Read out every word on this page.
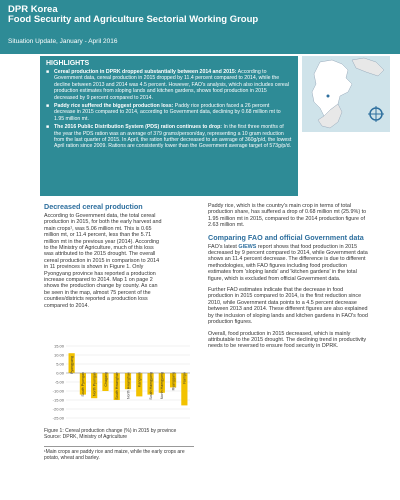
DPR Korea
Food Security and Agriculture Sectorial Working Group
Situation Update, January - April 2016
HIGHLIGHTS
■ Cereal production in DPRK dropped substantially between 2014 and 2015: According to Government data, cereal production in 2015 dropped by 11.4 percent compared to 2014, while the decline between 2013 and 2014 was 4.5 percent. However, FAO's analysis, which also includes cereal production estimates from sloping lands and kitchen gardens, shows food production in 2015 decreased by 9 percent compared to 2014.
■ Paddy rice suffered the biggest production loss: Paddy rice production faced a 26 percent decrease in 2015 compared to 2014, according to Government data, declining by 0.68 million mt to 1.95 million mt.
■ The 2016 Public Distribution System (PDS) ration continues to drop: In the first three months of the year the PDS ration was an average of 379 grams/person/day, representing a 10 gram reduction from the last quarter of 2015. In April, the ration further decreased to an average of 360g/p/d, the lowest April ration since 2009. Rations are consistently lower than the Government average target of 573g/p/d.
Decreased cereal production

According to Government data, the total cereal production in 2015, for both the early harvest and main crops¹, was 5.06 million mt. This is 0.65 million mt, or 11.4 percent, less than the 5.71 million mt in the previous year (2014). According to the Ministry of Agriculture, much of this loss was attributed to the 2015 drought. The overall cereal production in 2015 in comparison to 2014 in 11 provinces is shown in Figure 1. Only Pyongyang province has reported a production increase compared to 2014. Map 1 on page 2 shows the production change by county. As can be seen in the map, almost 75 percent of the counties/districts reported a production loss compared to 2014.

15.00
10.00
5.00
0.00
-5.00
-10.00
-15.00
-20.00
-25.00
Pyongyang
South Pyongan North Pyongan Chagang South Hwanghae North Hwanghae Kangwon South Hamgyong North Hamgyong Ryanggang Nampo
Figure 1: Cereal production change (%) in 2015 by province
Source: DPRK, Ministry of Agriculture
¹Main crops are paddy rice and maize, while the early crops are potato, wheat and barley.

Paddy rice, which is the country's main crop in terms of total production share, has suffered a drop of 0.68 million mt (25.9%) to 1.95 million mt in 2015, compared to the 2014 production figure of 2.63 million mt.

Comparing FAO and official Government data

FAO's latest GIEWS report shows that food production in 2015 decreased by 9 percent compared to 2014, while Government data shows an 11.4 percent decrease. The difference is due to different methodologies, with FAO figures including food production estimates from 'sloping lands' and 'kitchen gardens' in the total figure, which is excluded from official Government data.

Further FAO estimates indicate that the decrease in food production in 2015 compared to 2014, is the first reduction since 2010, while Government data points to a 4.5 percent decrease between 2013 and 2014. These different figures are also explained by the inclusion of sloping lands and kitchen gardens in FAO's food production figures.

Overall, food production in 2015 decreased, which is mainly attributable to the 2015 drought. The declining trend in productivity needs to be reversed to ensure food security in DPRK.
